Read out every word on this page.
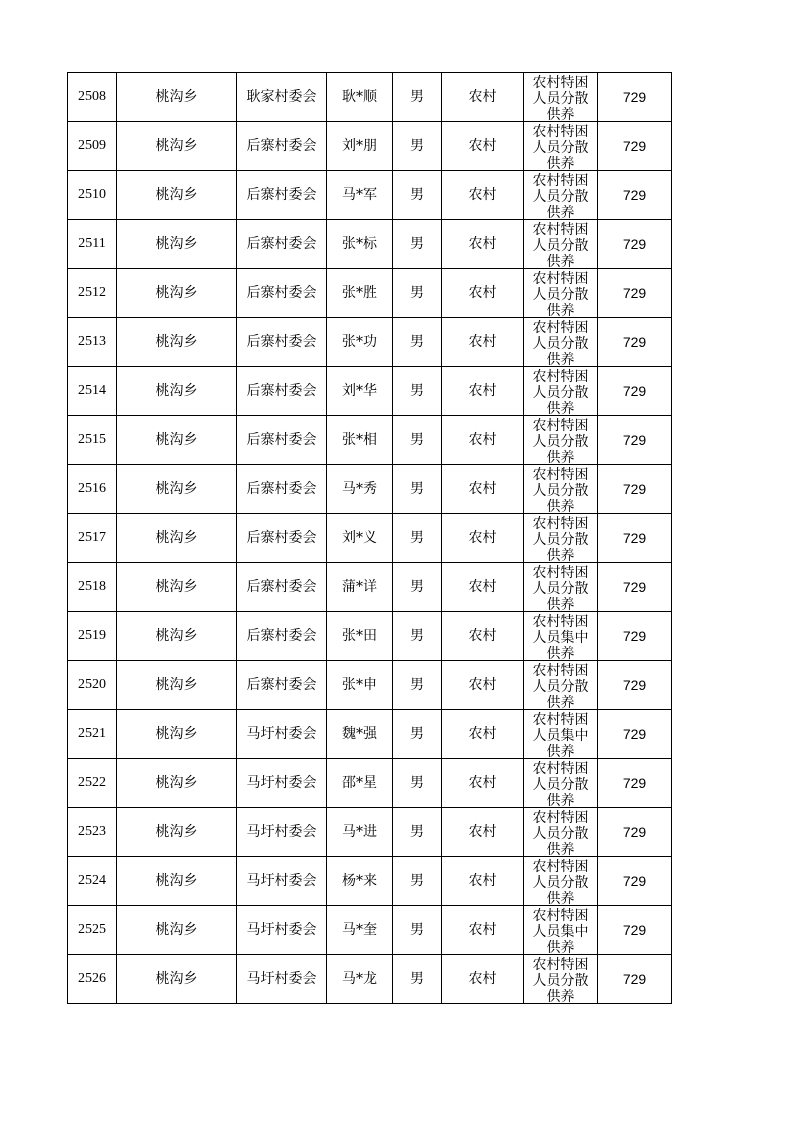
2508	桃沟乡	耿家村委会	耿*顺	男	农村	农村特困人员分散供养	729
2509	桃沟乡	后寨村委会	刘*朋	男	农村	农村特困人员分散供养	729
2510	桃沟乡	后寨村委会	马*军	男	农村	农村特困人员分散供养	729
2511	桃沟乡	后寨村委会	张*标	男	农村	农村特困人员分散供养	729
2512	桃沟乡	后寨村委会	张*胜	男	农村	农村特困人员分散供养	729
2513	桃沟乡	后寨村委会	张*功	男	农村	农村特困人员分散供养	729
2514	桃沟乡	后寨村委会	刘*华	男	农村	农村特困人员分散供养	729
2515	桃沟乡	后寨村委会	张*相	男	农村	农村特困人员分散供养	729
2516	桃沟乡	后寨村委会	马*秀	男	农村	农村特困人员分散供养	729
2517	桃沟乡	后寨村委会	刘*义	男	农村	农村特困人员分散供养	729
2518	桃沟乡	后寨村委会	蒲*详	男	农村	农村特困人员分散供养	729
2519	桃沟乡	后寨村委会	张*田	男	农村	农村特困人员集中供养	729
2520	桃沟乡	后寨村委会	张*申	男	农村	农村特困人员分散供养	729
2521	桃沟乡	马圩村委会	魏*强	男	农村	农村特困人员集中供养	729
2522	桃沟乡	马圩村委会	邵*星	男	农村	农村特困人员分散供养	729
2523	桃沟乡	马圩村委会	马*进	男	农村	农村特困人员分散供养	729
2524	桃沟乡	马圩村委会	杨*来	男	农村	农村特困人员分散供养	729
2525	桃沟乡	马圩村委会	马*奎	男	农村	农村特困人员集中供养	729
2526	桃沟乡	马圩村委会	马*龙	男	农村	农村特困人员分散供养	729
